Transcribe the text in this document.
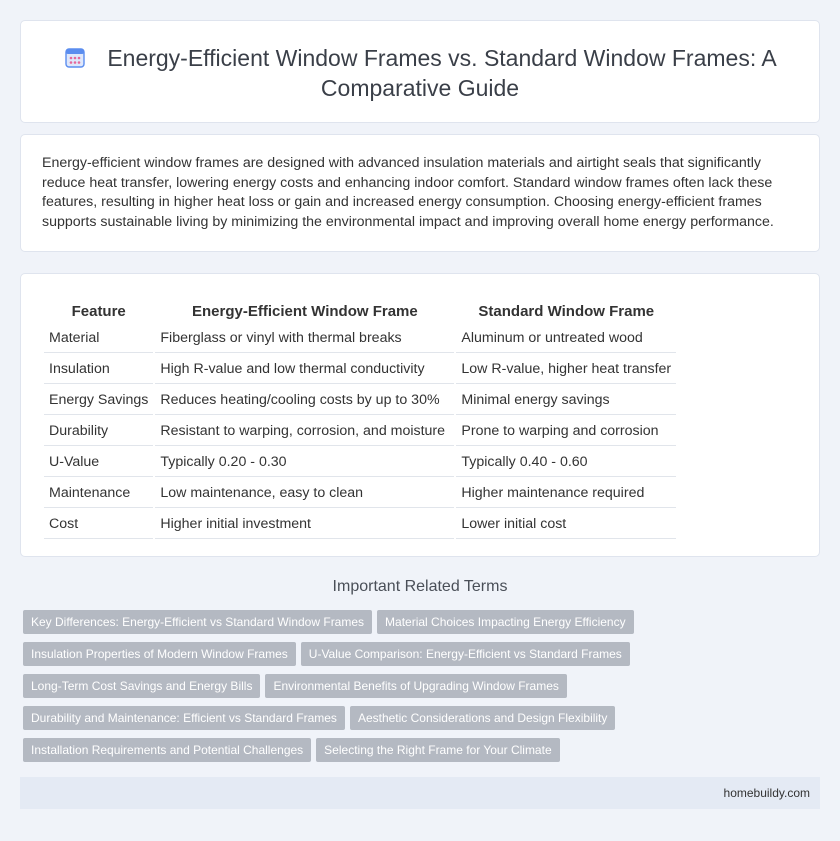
Energy-Efficient Window Frames vs. Standard Window Frames: A Comparative Guide

Energy-efficient window frames are designed with advanced insulation materials and airtight seals that significantly reduce heat transfer, lowering energy costs and enhancing indoor comfort. Standard window frames often lack these features, resulting in higher heat loss or gain and increased energy consumption. Choosing energy-efficient frames supports sustainable living by minimizing the environmental impact and improving overall home energy performance.

Feature	Energy-Efficient Window Frame	Standard Window Frame
Material	Fiberglass or vinyl with thermal breaks	Aluminum or untreated wood
Insulation	High R-value and low thermal conductivity	Low R-value, higher heat transfer
Energy Savings	Reduces heating/cooling costs by up to 30%	Minimal energy savings
Durability	Resistant to warping, corrosion, and moisture	Prone to warping and corrosion
U-Value	Typically 0.20 - 0.30	Typically 0.40 - 0.60
Maintenance	Low maintenance, easy to clean	Higher maintenance required
Cost	Higher initial investment	Lower initial cost
Important Related Terms
Key Differences: Energy-Efficient vs Standard Window Frames Material Choices Impacting Energy Efficiency
Insulation Properties of Modern Window Frames U-Value Comparison: Energy-Efficient vs Standard Frames
Long-Term Cost Savings and Energy Bills Environmental Benefits of Upgrading Window Frames
Durability and Maintenance: Efficient vs Standard Frames Aesthetic Considerations and Design Flexibility
Installation Requirements and Potential Challenges Selecting the Right Frame for Your Climate
homebuildy.com
